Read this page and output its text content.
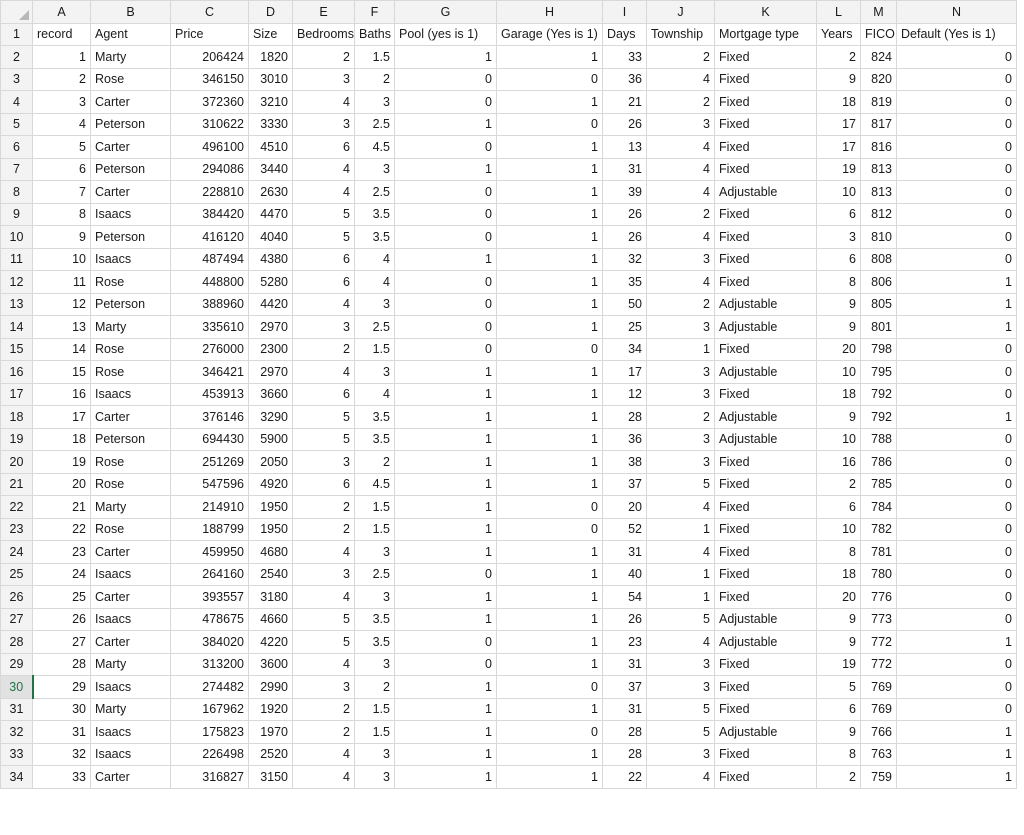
	A	B	C	D	E	F	G	H	I	J	K	L	M	N
1	record	Agent	Price	Size	Bedrooms	Baths	Pool (yes is 1)	Garage (Yes is 1)	Days	Township	Mortgage type	Years	FICO	Default (Yes is 1)
2	1	Marty	206424	1820	2	1.5	1	1	33	2	Fixed	2	824	0
3	2	Rose	346150	3010	3	2	0	0	36	4	Fixed	9	820	0
4	3	Carter	372360	3210	4	3	0	1	21	2	Fixed	18	819	0
5	4	Peterson	310622	3330	3	2.5	1	0	26	3	Fixed	17	817	0
6	5	Carter	496100	4510	6	4.5	0	1	13	4	Fixed	17	816	0
7	6	Peterson	294086	3440	4	3	1	1	31	4	Fixed	19	813	0
8	7	Carter	228810	2630	4	2.5	0	1	39	4	Adjustable	10	813	0
9	8	Isaacs	384420	4470	5	3.5	0	1	26	2	Fixed	6	812	0
10	9	Peterson	416120	4040	5	3.5	0	1	26	4	Fixed	3	810	0
11	10	Isaacs	487494	4380	6	4	1	1	32	3	Fixed	6	808	0
12	11	Rose	448800	5280	6	4	0	1	35	4	Fixed	8	806	1
13	12	Peterson	388960	4420	4	3	0	1	50	2	Adjustable	9	805	1
14	13	Marty	335610	2970	3	2.5	0	1	25	3	Adjustable	9	801	1
15	14	Rose	276000	2300	2	1.5	0	0	34	1	Fixed	20	798	0
16	15	Rose	346421	2970	4	3	1	1	17	3	Adjustable	10	795	0
17	16	Isaacs	453913	3660	6	4	1	1	12	3	Fixed	18	792	0
18	17	Carter	376146	3290	5	3.5	1	1	28	2	Adjustable	9	792	1
19	18	Peterson	694430	5900	5	3.5	1	1	36	3	Adjustable	10	788	0
20	19	Rose	251269	2050	3	2	1	1	38	3	Fixed	16	786	0
21	20	Rose	547596	4920	6	4.5	1	1	37	5	Fixed	2	785	0
22	21	Marty	214910	1950	2	1.5	1	0	20	4	Fixed	6	784	0
23	22	Rose	188799	1950	2	1.5	1	0	52	1	Fixed	10	782	0
24	23	Carter	459950	4680	4	3	1	1	31	4	Fixed	8	781	0
25	24	Isaacs	264160	2540	3	2.5	0	1	40	1	Fixed	18	780	0
26	25	Carter	393557	3180	4	3	1	1	54	1	Fixed	20	776	0
27	26	Isaacs	478675	4660	5	3.5	1	1	26	5	Adjustable	9	773	0
28	27	Carter	384020	4220	5	3.5	0	1	23	4	Adjustable	9	772	1
29	28	Marty	313200	3600	4	3	0	1	31	3	Fixed	19	772	0
30	29	Isaacs	274482	2990	3	2	1	0	37	3	Fixed	5	769	0
31	30	Marty	167962	1920	2	1.5	1	1	31	5	Fixed	6	769	0
32	31	Isaacs	175823	1970	2	1.5	1	0	28	5	Adjustable	9	766	1
33	32	Isaacs	226498	2520	4	3	1	1	28	3	Fixed	8	763	1
34	33	Carter	316827	3150	4	3	1	1	22	4	Fixed	2	759	1
